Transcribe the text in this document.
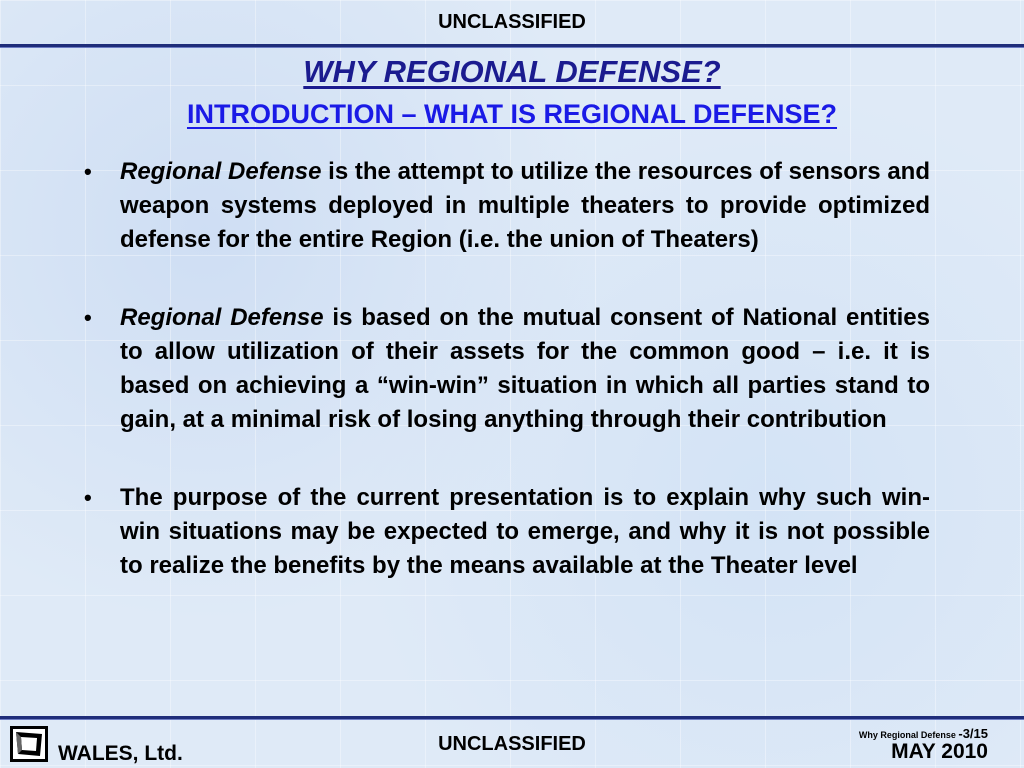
UNCLASSIFIED
WHY REGIONAL DEFENSE?
INTRODUCTION – WHAT IS REGIONAL DEFENSE?
• Regional Defense is the attempt to utilize the resources of sensors and weapon systems deployed in multiple theaters to provide optimized defense for the entire Region (i.e. the union of Theaters)
• Regional Defense is based on the mutual consent of National entities to allow utilization of their assets for the common good – i.e. it is based on achieving a “win-win” situation in which all parties stand to gain, at a minimal risk of losing anything through their contribution
• The purpose of the current presentation is to explain why such win-win situations may be expected to emerge, and why it is not possible to realize the benefits by the means available at the Theater level
WALES, Ltd.	UNCLASSIFIED	Why Regional Defense -3/15
MAY 2010
